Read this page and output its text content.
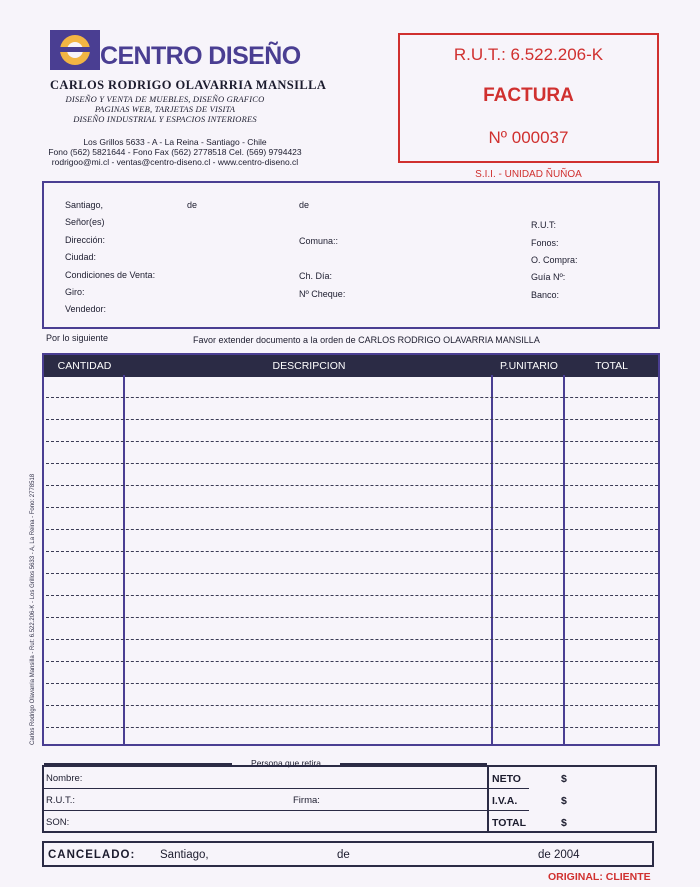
CENTRO DISEÑO
CARLOS RODRIGO OLAVARRIA MANSILLA
DISEÑO Y VENTA DE MUEBLES, DISEÑO GRAFICO
PAGINAS WEB, TARJETAS DE VISITA
DISEÑO INDUSTRIAL Y ESPACIOS INTERIORES
Los Grillos 5633 - A - La Reina - Santiago - Chile
Fono (562) 5821644 - Fono Fax (562) 2778518 Cel. (569) 9794423
rodrigoo@mi.cl - ventas@centro-diseno.cl - www.centro-diseno.cl
R.U.T.: 6.522.206-K
FACTURA
Nº 000037
S.I.I. - UNIDAD ÑUÑOA
Santiago,	de	de
Señor(es)
Dirección:
Ciudad:
Condiciones de Venta:
Giro:
Vendedor:
Comuna::
Ch. Día:
Nº Cheque:
R.U.T:
Fonos:
O. Compra:
Guía Nº:
Banco:
Por lo siguiente	Favor extender documento a la orden de CARLOS RODRIGO OLAVARRIA MANSILLA
CANTIDAD	DESCRIPCION	P.UNITARIO	TOTAL
Persona que retira
Nombre:
R.U.T.:	Firma:
SON:
NETO	$
I.V.A.	$
TOTAL	$
CANCELADO: Santiago,	de	de 2004
ORIGINAL: CLIENTE
Carlos Rodrigo Olavarria Mansilla - Rut: 6.522.206-K - Los Grillos 5633 - A, La Reina - Fono: 2778518
